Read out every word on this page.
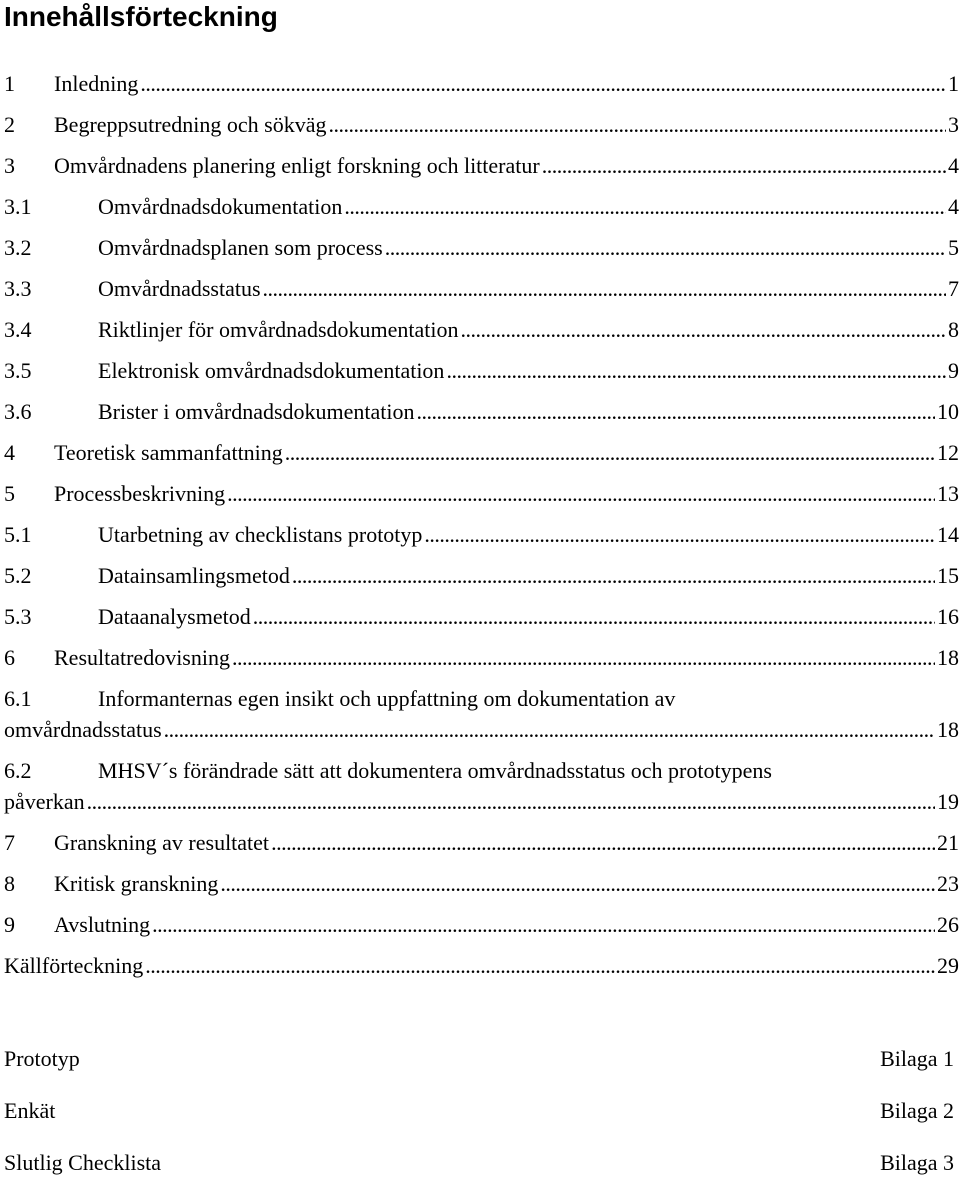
Innehållsförteckning
1	Inledning . . .	1
2	Begreppsutredning och sökväg . . .	3
3	Omvårdnadens planering enligt forskning och litteratur . . .	4
3.1	Omvårdnadsdokumentation . . .	4
3.2	Omvårdnadsplanen som process . . .	5
3.3	Omvårdnadsstatus . . .	7
3.4	Riktlinjer för omvårdnadsdokumentation . . .	8
3.5	Elektronisk omvårdnadsdokumentation . . .	9
3.6	Brister i omvårdnadsdokumentation . . .	10
4	Teoretisk sammanfattning . . .	12
5	Processbeskrivning . . .	13
5.1	Utarbetning av checklistans prototyp . . .	14
5.2	Datainsamlingsmetod . . .	15
5.3	Dataanalysmetod . . .	16
6	Resultatredovisning . . .	18
6.1	Informanternas egen insikt och uppfattning om dokumentation av
omvårdnadsstatus . . .	18
6.2	MHSV´s förändrade sätt att dokumentera omvårdnadsstatus och prototypens
påverkan . . .	19
7	Granskning av resultatet . . .	21
8	Kritisk granskning . . .	23
9	Avslutning . . .	26
Källförteckning . . .	29
Prototyp	Bilaga 1
Enkät	Bilaga 2
Slutlig Checklista	Bilaga 3
